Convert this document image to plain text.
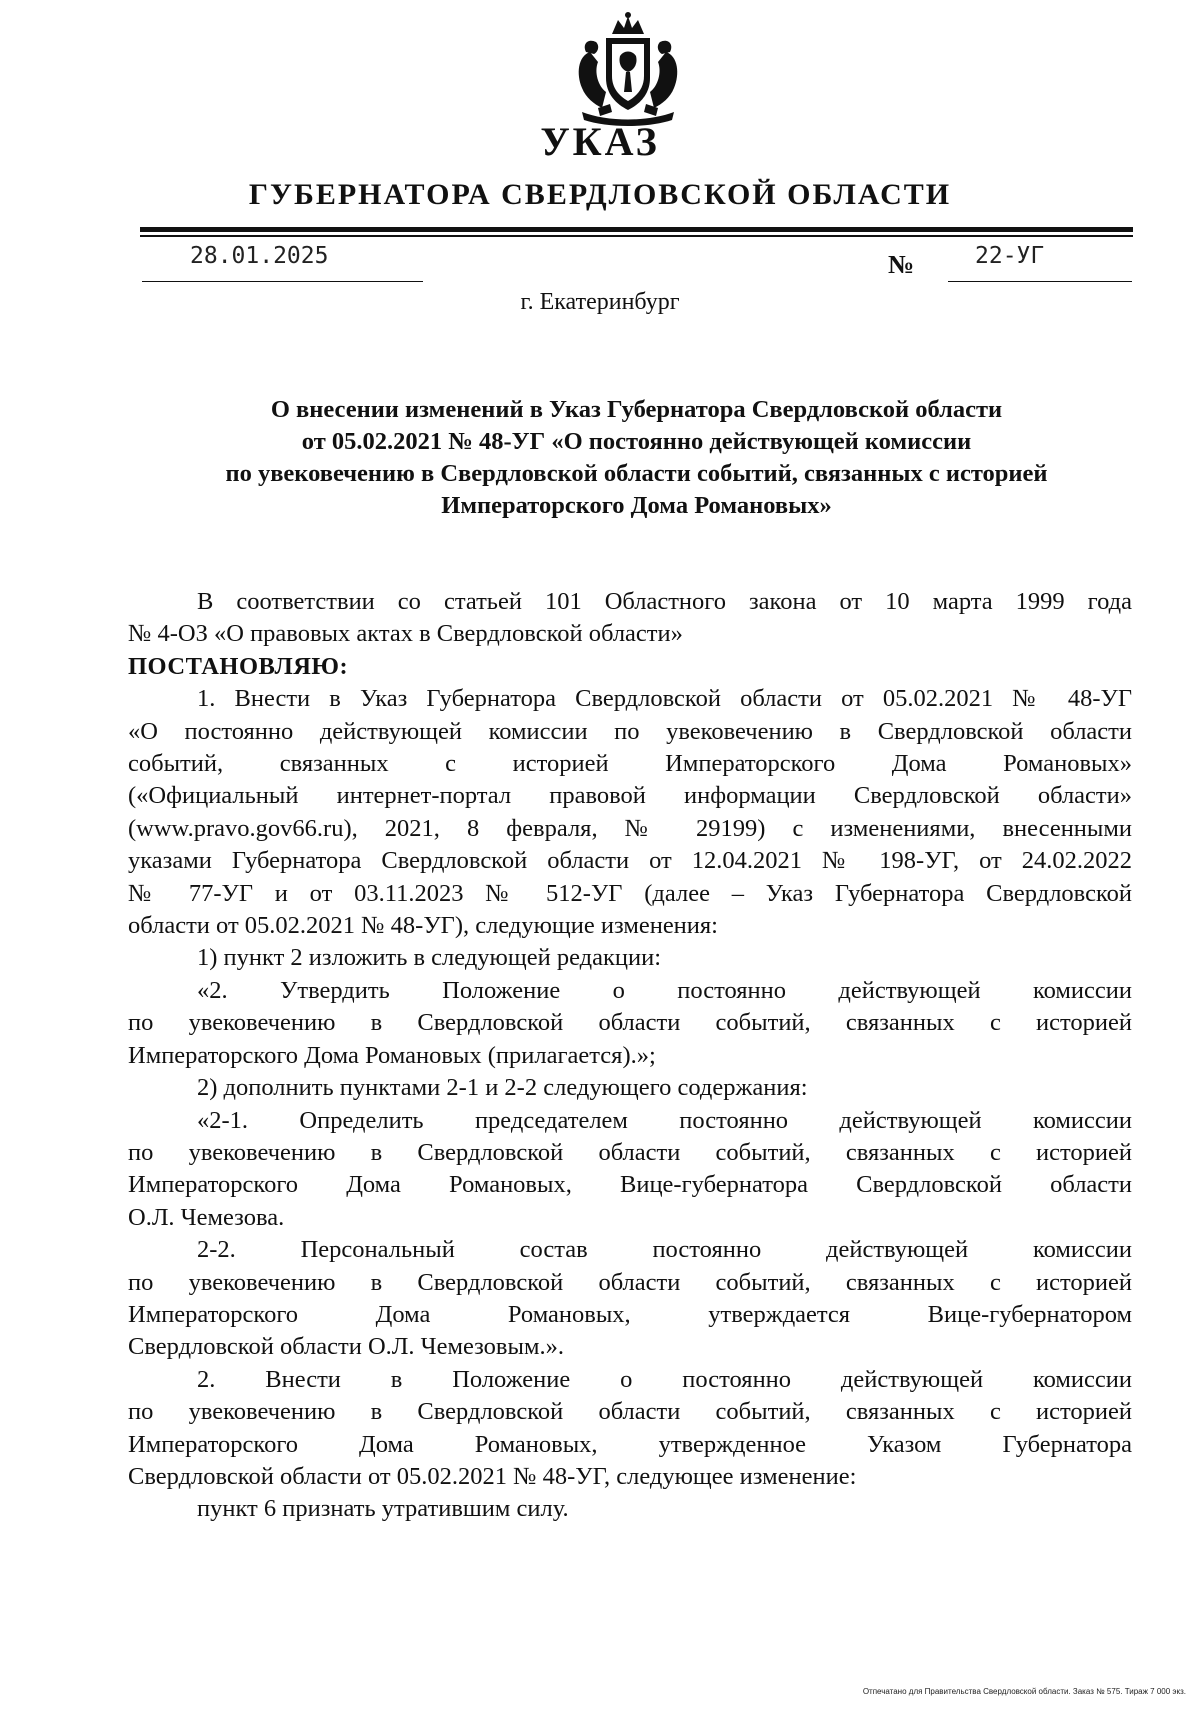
УКАЗ
ГУБЕРНАТОРА СВЕРДЛОВСКОЙ ОБЛАСТИ
28.01.2025	№	22-УГ
г. Екатеринбург
О внесении изменений в Указ Губернатора Свердловской области
от 05.02.2021 № 48-УГ «О постоянно действующей комиссии
по увековечению в Свердловской области событий, связанных с историей
Императорского Дома Романовых»
В соответствии со статьей 101 Областного закона от 10 марта 1999 года
№ 4-ОЗ «О правовых актах в Свердловской области»
ПОСТАНОВЛЯЮ:
1. Внести в Указ Губернатора Свердловской области от 05.02.2021 № 48-УГ
«О постоянно действующей комиссии по увековечению в Свердловской области
событий, связанных с историей Императорского Дома Романовых»
(«Официальный интернет-портал правовой информации Свердловской области»
(www.pravo.gov66.ru), 2021, 8 февраля, № 29199) с изменениями, внесенными
указами Губернатора Свердловской области от 12.04.2021 № 198-УГ, от 24.02.2022
№ 77-УГ и от 03.11.2023 № 512-УГ (далее – Указ Губернатора Свердловской
области от 05.02.2021 № 48-УГ), следующие изменения:
1) пункт 2 изложить в следующей редакции:
«2. Утвердить Положение о постоянно действующей комиссии
по увековечению в Свердловской области событий, связанных с историей
Императорского Дома Романовых (прилагается).»;
2) дополнить пунктами 2-1 и 2-2 следующего содержания:
«2-1. Определить председателем постоянно действующей комиссии
по увековечению в Свердловской области событий, связанных с историей
Императорского Дома Романовых, Вице-губернатора Свердловской области
О.Л. Чемезова.
2-2. Персональный состав постоянно действующей комиссии
по увековечению в Свердловской области событий, связанных с историей
Императорского Дома Романовых, утверждается Вице-губернатором
Свердловской области О.Л. Чемезовым.».
2. Внести в Положение о постоянно действующей комиссии
по увековечению в Свердловской области событий, связанных с историей
Императорского Дома Романовых, утвержденное Указом Губернатора
Свердловской области от 05.02.2021 № 48-УГ, следующее изменение:
пункт 6 признать утратившим силу.
Отпечатано для Правительства Свердловской области. Заказ № 575. Тираж 7 000 экз.
